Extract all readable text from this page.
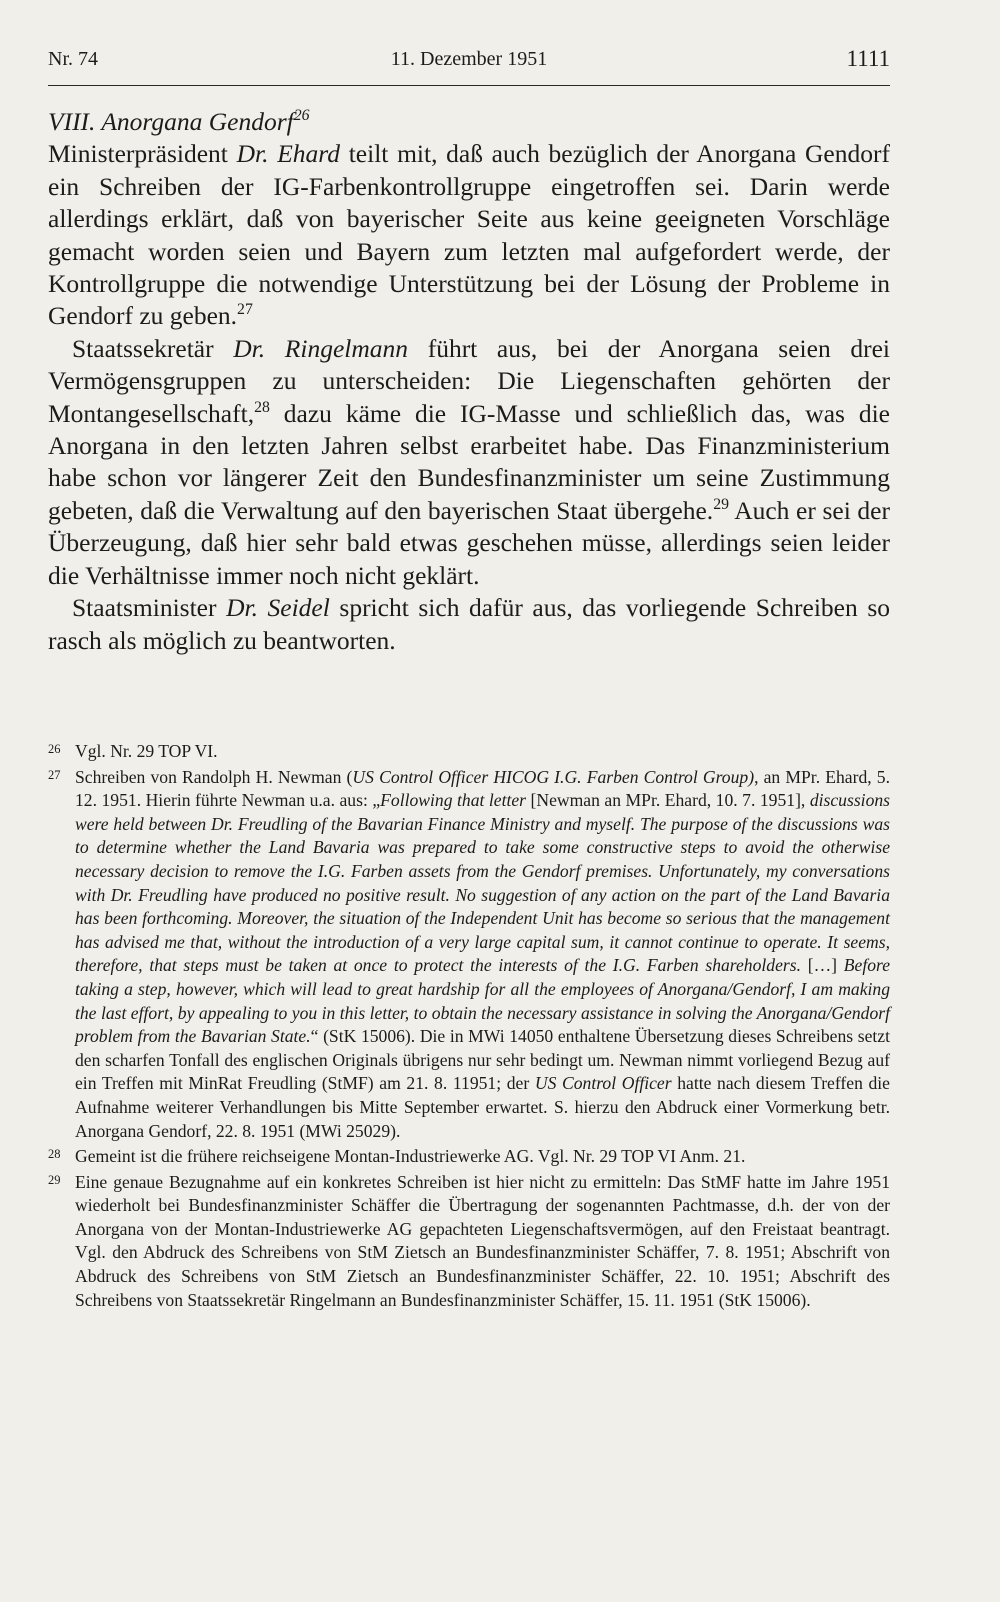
Nr. 74	11. Dezember 1951	1111

VIII. Anorgana Gendorf$^{26}$

Ministerpräsident Dr. Ehard teilt mit, daß auch bezüglich der Anorgana Gendorf ein Schreiben der IG-Farbenkontrollgruppe eingetroffen sei. Darin werde allerdings erklärt, daß von bayerischer Seite aus keine geeigneten Vorschläge gemacht worden seien und Bayern zum letzten mal aufgefordert werde, der Kontrollgruppe die notwendige Unterstützung bei der Lösung der Probleme in Gendorf zu geben.$^{27}$

Staatssekretär Dr. Ringelmann führt aus, bei der Anorgana seien drei Vermögensgruppen zu unterscheiden: Die Liegenschaften gehörten der Montangesellschaft,$^{28}$ dazu käme die IG-Masse und schließlich das, was die Anorgana in den letzten Jahren selbst erarbeitet habe. Das Finanzministerium habe schon vor längerer Zeit den Bundesfinanzminister um seine Zustimmung gebeten, daß die Verwaltung auf den bayerischen Staat übergehe.$^{29}$ Auch er sei der Überzeugung, daß hier sehr bald etwas geschehen müsse, allerdings seien leider die Verhältnisse immer noch nicht geklärt.

Staatsminister Dr. Seidel spricht sich dafür aus, das vorliegende Schreiben so rasch als möglich zu beantworten.

26 Vgl. Nr. 29 TOP VI.
27 Schreiben von Randolph H. Newman (US Control Officer HICOG I.G. Farben Control Group), an MPr. Ehard, 5. 12. 1951. Hierin führte Newman u.a. aus: „Following that letter [Newman an MPr. Ehard, 10. 7. 1951], discussions were held between Dr. Freudling of the Bavarian Finance Ministry and myself. The purpose of the discussions was to determine whether the Land Bavaria was prepared to take some constructive steps to avoid the otherwise necessary decision to remove the I.G. Farben assets from the Gendorf premises. Unfortunately, my conversations with Dr. Freudling have produced no positive result. No suggestion of any action on the part of the Land Bavaria has been forthcoming. Moreover, the situation of the Independent Unit has become so serious that the management has advised me that, without the introduction of a very large capital sum, it cannot continue to operate. It seems, therefore, that steps must be taken at once to protect the interests of the I.G. Farben shareholders. […] Before taking a step, however, which will lead to great hardship for all the employees of Anorgana/Gendorf, I am making the last effort, by appealing to you in this letter, to obtain the necessary assistance in solving the Anorgana/Gendorf problem from the Bavarian State.“ (StK 15006). Die in MWi 14050 enthaltene Übersetzung dieses Schreibens setzt den scharfen Tonfall des englischen Originals übrigens nur sehr bedingt um. Newman nimmt vorliegend Bezug auf ein Treffen mit MinRat Freudling (StMF) am 21. 8. 11951; der US Control Officer hatte nach diesem Treffen die Aufnahme weiterer Verhandlungen bis Mitte September erwartet. S. hierzu den Abdruck einer Vormerkung betr. Anorgana Gendorf, 22. 8. 1951 (MWi 25029).
28 Gemeint ist die frühere reichseigene Montan-Industriewerke AG. Vgl. Nr. 29 TOP VI Anm. 21.
29 Eine genaue Bezugnahme auf ein konkretes Schreiben ist hier nicht zu ermitteln: Das StMF hatte im Jahre 1951 wiederholt bei Bundesfinanzminister Schäffer die Übertragung der sogenannten Pachtmasse, d.h. der von der Anorgana von der Montan-Industriewerke AG gepachteten Liegenschaftsvermögen, auf den Freistaat beantragt. Vgl. den Abdruck des Schreibens von StM Zietsch an Bundesfinanzminister Schäffer, 7. 8. 1951; Abschrift von Abdruck des Schreibens von StM Zietsch an Bundesfinanzminister Schäffer, 22. 10. 1951; Abschrift des Schreibens von Staatssekretär Ringelmann an Bundesfinanzminister Schäffer, 15. 11. 1951 (StK 15006).
